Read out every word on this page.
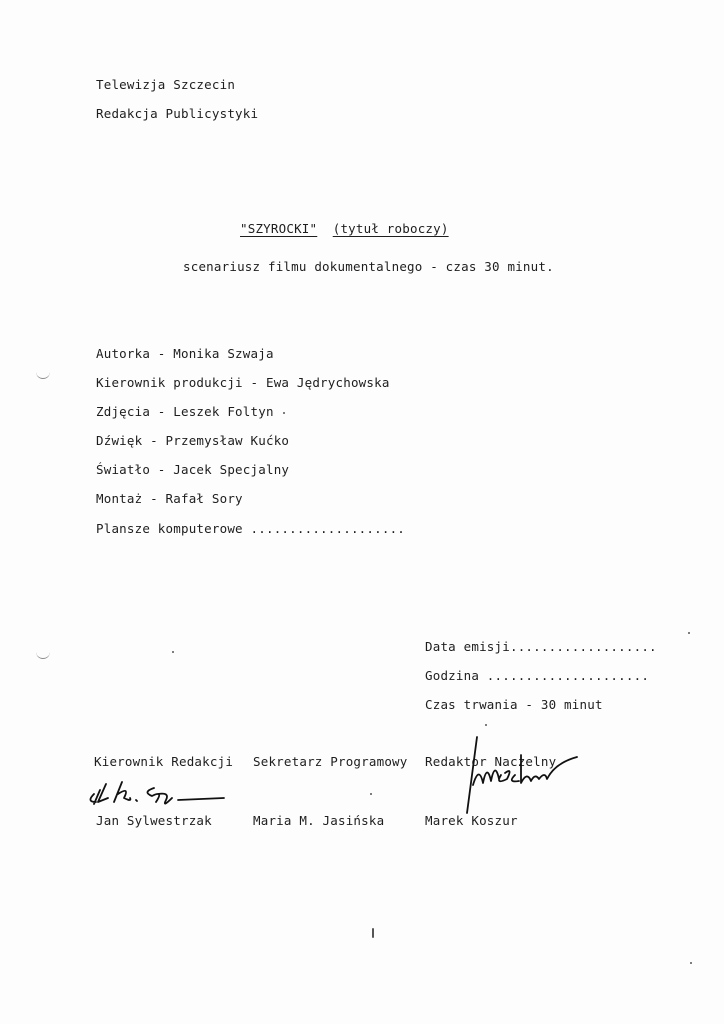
Telewizja Szczecin
Redakcja Publicystyki
"SZYROCKI" (tytuł roboczy)
scenariusz filmu dokumentalnego - czas 30 minut.
Autorka - Monika Szwaja
Kierownik produkcji - Ewa Jędrychowska
Zdjęcia - Leszek Foltyn
Dźwięk - Przemysław Kućko
Światło - Jacek Specjalny
Montaż - Rafał Sory
Plansze komputerowe ....................
Data emisji...................
Godzina .....................
Czas trwania - 30 minut
Kierownik Redakcji Sekretarz Programowy Redaktor Naczelny
Jan Sylwestrzak	Maria M. Jasińska	Marek Koszur
